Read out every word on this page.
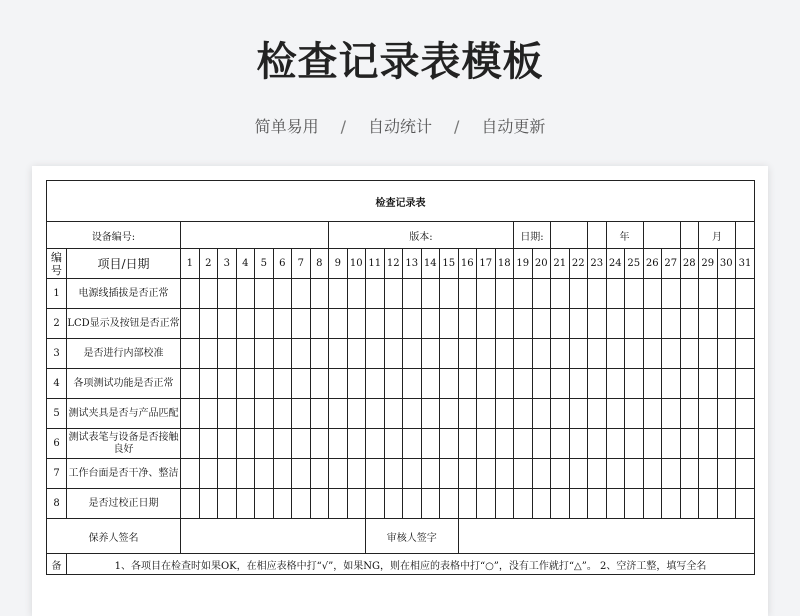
检查记录表模板
简单易用 / 自动统计 / 自动更新
检查记录表																																
设备编号:										版本:										日期:					年					月		
编号	项目/日期	1	2	3	4	5	6	7	8	9	10	11	12	13	14	15	16	17	18	19	20	21	22	23	24	25	26	27	28	29	30	31
1	电源线插拔是否正常																															
2	LCD显示及按钮是否正常																															
3	是否进行内部校准																															
4	各项测试功能是否正常																															
5	测试夹具是否与产品匹配																															
6	测试表笔与设备是否接触良好																															
7	工作台面是否干净、整洁																															
8	是否过校正日期																															
保养人签名												审核人签字																				
备	1、各项目在检查时如果OK，在相应表格中打“√”，如果NG，则在相应的表格中打“○”，没有工作就打“△”。 2、空济工整，填写全名																															
